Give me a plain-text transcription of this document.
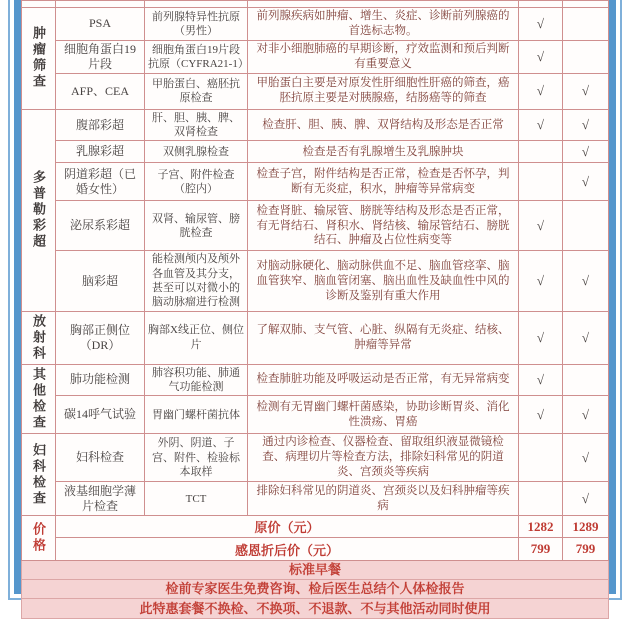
肿瘤筛查	PSA	前列腺特异性抗原（男性）	前列腺疾病如肿瘤、增生、炎症、诊断前列腺癌的首选标志物。	√	
	细胞角蛋白19片段	细胞角蛋白19片段抗原（CYFRA21-1）	对非小细胞肺癌的早期诊断，疗效监测和预后判断有重要意义	√	
	AFP、CEA	甲胎蛋白、癌胚抗原检查	甲胎蛋白主要是对原发性肝细胞性肝癌的筛查，癌胚抗原主要是对胰腺癌，结肠癌等的筛查	√	√
多普勒彩超	腹部彩超	肝、胆、胰、脾、双肾检查	检查肝、胆、胰、脾、双肾结构及形态是否正常	√	√
	乳腺彩超	双侧乳腺检查	检查是否有乳腺增生及乳腺肿块		√
	阴道彩超（已婚女性）	子宫、附件检查（腔内）	检查子宫，附件结构是否正常，检查是否怀孕，判断有无炎症，积水，肿瘤等异常病变		√
	泌尿系彩超	双肾、输尿管、膀胱检查	检查肾脏、输尿管、膀胱等结构及形态是否正常，有无肾结石、肾积水、肾结核、输尿管结石、膀胱结石、肿瘤及占位性病变等	√	
	脑彩超	能检测颅内及颅外各血管及其分支，甚至可以对微小的脑动脉瘤进行检测	对脑动脉硬化、脑动脉供血不足、脑血管痉挛、脑血管狭窄、脑血管闭塞、脑出血性及缺血性中风的诊断及鉴别有重大作用	√	√
放射科	胸部正侧位（DR）	胸部X线正位、侧位片	了解双肺、支气管、心脏、纵隔有无炎症、结核、肿瘤等异常	√	√
其他检查	肺功能检测	肺容积功能、肺通气功能检测	检查肺脏功能及呼吸运动是否正常，有无异常病变	√	
	碳14呼气试验	胃幽门螺杆菌抗体	检测有无胃幽门螺杆菌感染，协助诊断胃炎、消化性溃疡、胃癌	√	√
妇科检查	妇科检查	外阴、阴道、子宫、附件、检验标本取样	通过内诊检查、仪器检查、留取组织液显微镜检查、病理切片等检查方法，排除妇科常见的阴道炎、宫颈炎等疾病		√
	液基细胞学薄片检查	TCT	排除妇科常见的阴道炎、宫颈炎以及妇科肿瘤等疾病		√
价格	原价（元）			1282	1289
	感恩折后价（元）			799	799
标准早餐					
检前专家医生免费咨询、检后医生总结个人体检报告					
此特惠套餐不换检、不换项、不退款、不与其他活动同时使用					
